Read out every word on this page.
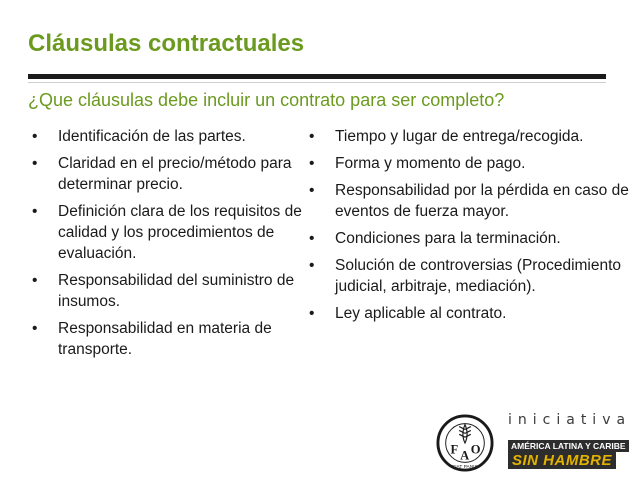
Cláusulas contractuales
¿Que cláusulas debe incluir un contrato para ser completo?
• Identificación de las partes.
• Claridad en el precio/método para determinar precio.
• Definición clara de los requisitos de calidad y los procedimientos de evaluación.
• Responsabilidad del suministro de insumos.
• Responsabilidad en materia de transporte.
• Tiempo y lugar de entrega/recogida.
• Forma y momento de pago.
• Responsabilidad por la pérdida en caso de eventos de fuerza mayor.
• Condiciones para la terminación.
• Solución de controversias (Procedimiento judicial, arbitraje, mediación).
• Ley aplicable al contrato.
F A O
FIAT PANIS
iniciativa
AMÉRICA LATINA Y CARIBE
SIN HAMBRE
